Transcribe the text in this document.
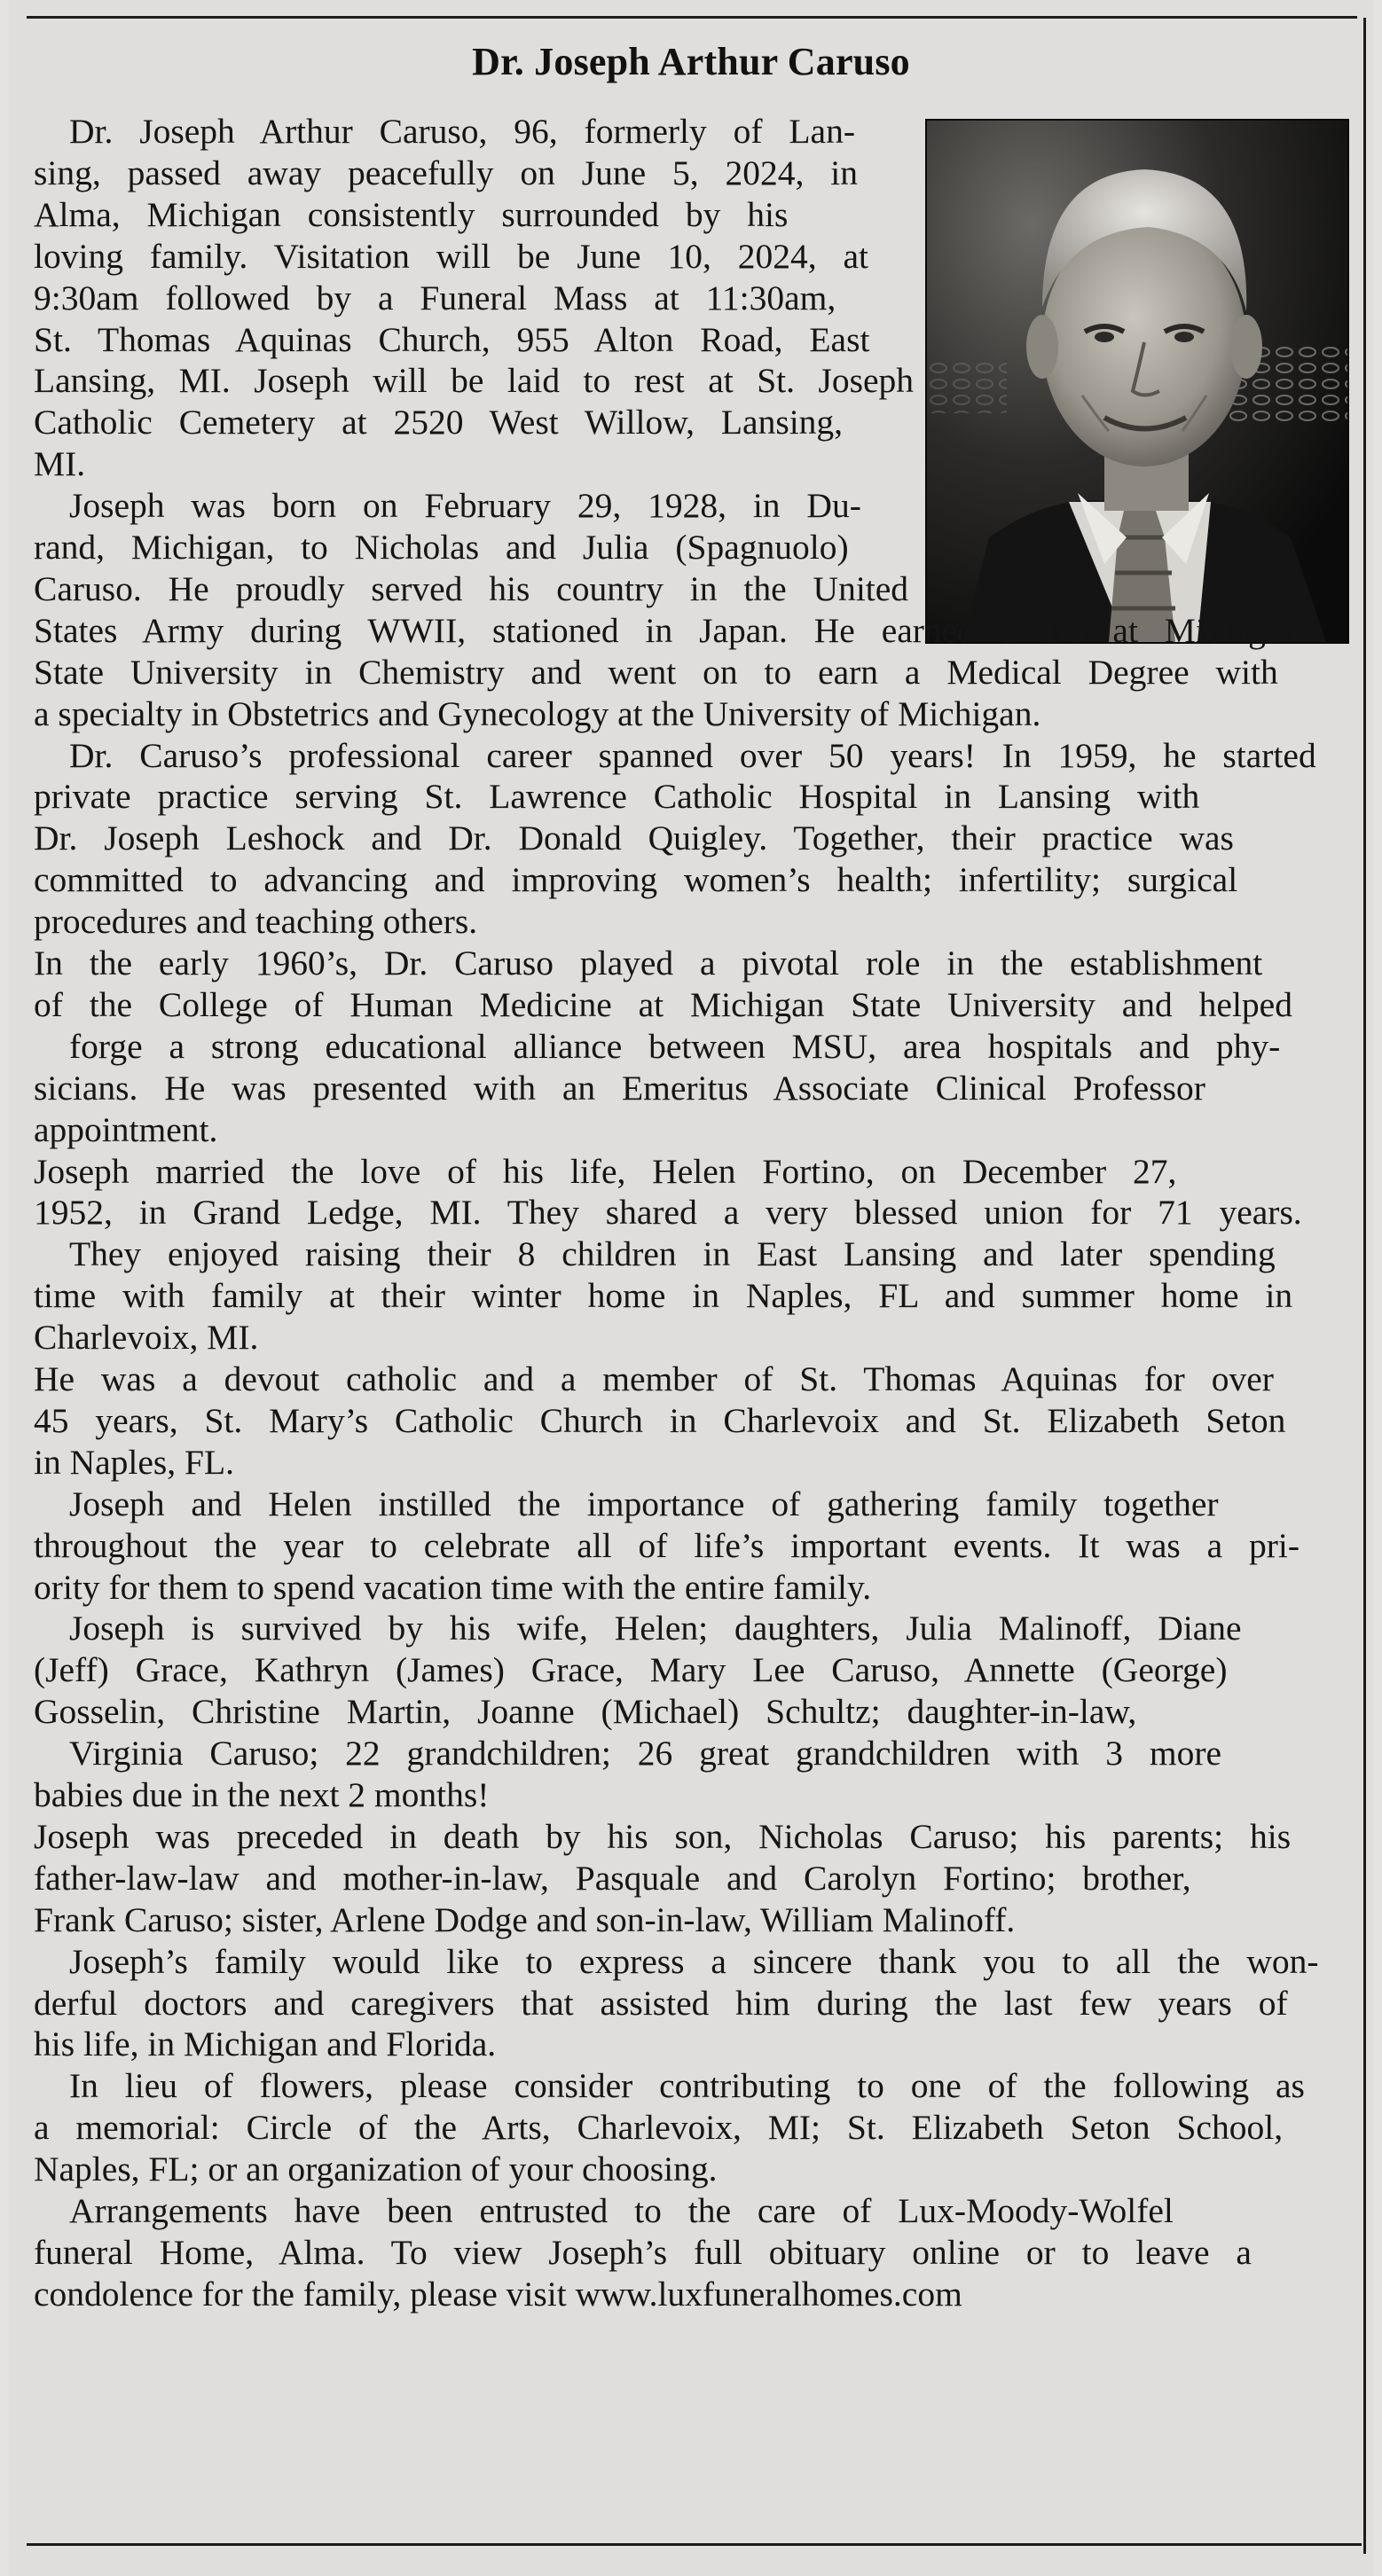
Dr. Joseph Arthur Caruso
Dr. Joseph Arthur Caruso, 96, formerly of Lan-
sing, passed away peacefully on June 5, 2024, in
Alma, Michigan consistently surrounded by his
loving family. Visitation will be June 10, 2024, at
9:30am followed by a Funeral Mass at 11:30am,
St. Thomas Aquinas Church, 955 Alton Road, East
Lansing, MI. Joseph will be laid to rest at St. Joseph
Catholic Cemetery at 2520 West Willow, Lansing,
MI.
Joseph was born on February 29, 1928, in Du-
rand, Michigan, to Nicholas and Julia (Spagnuolo)
Caruso. He proudly served his country in the United
States Army during WWII, stationed in Japan. He earned a BS at Michigan
State University in Chemistry and went on to earn a Medical Degree with
a specialty in Obstetrics and Gynecology at the University of Michigan.
Dr. Caruso’s professional career spanned over 50 years! In 1959, he started
private practice serving St. Lawrence Catholic Hospital in Lansing with
Dr. Joseph Leshock and Dr. Donald Quigley. Together, their practice was
committed to advancing and improving women’s health; infertility; surgical
procedures and teaching others.
In the early 1960’s, Dr. Caruso played a pivotal role in the establishment
of the College of Human Medicine at Michigan State University and helped
forge a strong educational alliance between MSU, area hospitals and phy-
sicians. He was presented with an Emeritus Associate Clinical Professor
appointment.
Joseph married the love of his life, Helen Fortino, on December 27,
1952, in Grand Ledge, MI. They shared a very blessed union for 71 years.
They enjoyed raising their 8 children in East Lansing and later spending
time with family at their winter home in Naples, FL and summer home in
Charlevoix, MI.
He was a devout catholic and a member of St. Thomas Aquinas for over
45 years, St. Mary’s Catholic Church in Charlevoix and St. Elizabeth Seton
in Naples, FL.
Joseph and Helen instilled the importance of gathering family together
throughout the year to celebrate all of life’s important events. It was a pri-
ority for them to spend vacation time with the entire family.
Joseph is survived by his wife, Helen; daughters, Julia Malinoff, Diane
(Jeff) Grace, Kathryn (James) Grace, Mary Lee Caruso, Annette (George)
Gosselin, Christine Martin, Joanne (Michael) Schultz; daughter-in-law,
Virginia Caruso; 22 grandchildren; 26 great grandchildren with 3 more
babies due in the next 2 months!
Joseph was preceded in death by his son, Nicholas Caruso; his parents; his
father-law-law and mother-in-law, Pasquale and Carolyn Fortino; brother,
Frank Caruso; sister, Arlene Dodge and son-in-law, William Malinoff.
Joseph’s family would like to express a sincere thank you to all the won-
derful doctors and caregivers that assisted him during the last few years of
his life, in Michigan and Florida.
In lieu of flowers, please consider contributing to one of the following as
a memorial: Circle of the Arts, Charlevoix, MI; St. Elizabeth Seton School,
Naples, FL; or an organization of your choosing.
Arrangements have been entrusted to the care of Lux-Moody-Wolfel
funeral Home, Alma. To view Joseph’s full obituary online or to leave a
condolence for the family, please visit www.luxfuneralhomes.com
